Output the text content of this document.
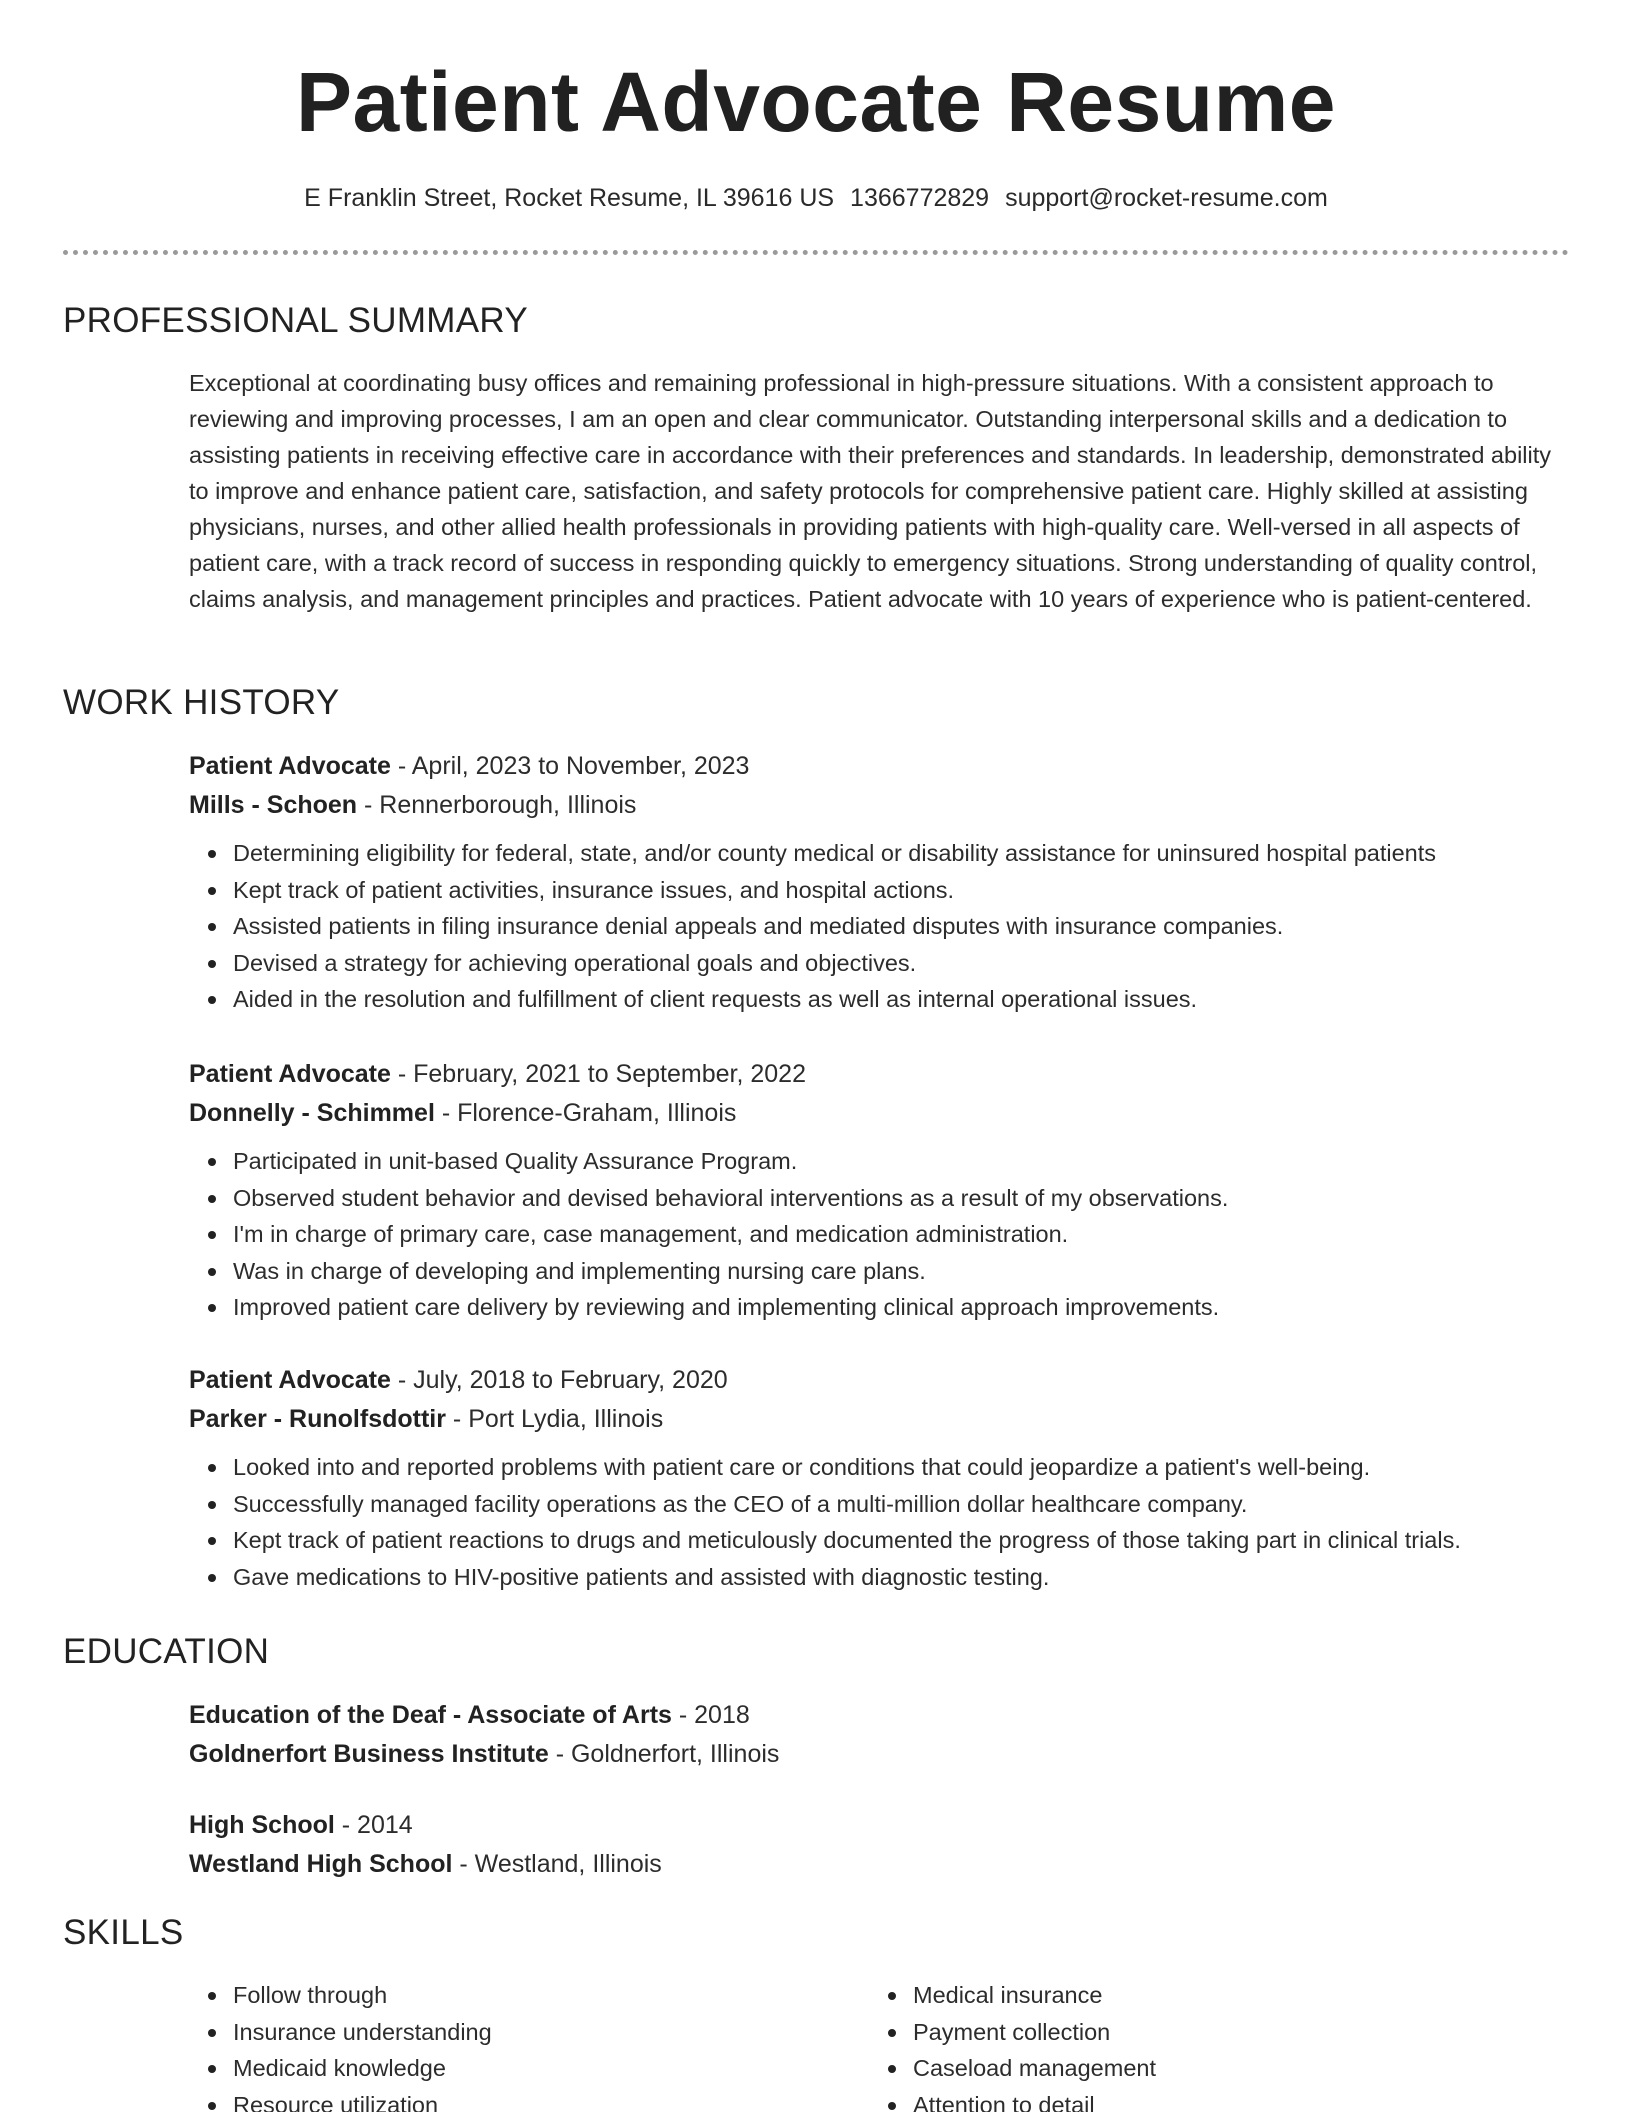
Patient Advocate Resume
E Franklin Street, Rocket Resume, IL 39616 US 1366772829 support@rocket-resume.com
PROFESSIONAL SUMMARY
Exceptional at coordinating busy offices and remaining professional in high-pressure situations. With a consistent approach to reviewing and improving processes, I am an open and clear communicator. Outstanding interpersonal skills and a dedication to assisting patients in receiving effective care in accordance with their preferences and standards. In leadership, demonstrated ability to improve and enhance patient care, satisfaction, and safety protocols for comprehensive patient care. Highly skilled at assisting physicians, nurses, and other allied health professionals in providing patients with high-quality care. Well-versed in all aspects of patient care, with a track record of success in responding quickly to emergency situations. Strong understanding of quality control, claims analysis, and management principles and practices. Patient advocate with 10 years of experience who is patient-centered.
WORK HISTORY
Patient Advocate - April, 2023 to November, 2023
Mills - Schoen - Rennerborough, Illinois
Determining eligibility for federal, state, and/or county medical or disability assistance for uninsured hospital patients
Kept track of patient activities, insurance issues, and hospital actions.
Assisted patients in filing insurance denial appeals and mediated disputes with insurance companies.
Devised a strategy for achieving operational goals and objectives.
Aided in the resolution and fulfillment of client requests as well as internal operational issues.
Patient Advocate - February, 2021 to September, 2022
Donnelly - Schimmel - Florence-Graham, Illinois
Participated in unit-based Quality Assurance Program.
Observed student behavior and devised behavioral interventions as a result of my observations.
I'm in charge of primary care, case management, and medication administration.
Was in charge of developing and implementing nursing care plans.
Improved patient care delivery by reviewing and implementing clinical approach improvements.
Patient Advocate - July, 2018 to February, 2020
Parker - Runolfsdottir - Port Lydia, Illinois
Looked into and reported problems with patient care or conditions that could jeopardize a patient's well-being.
Successfully managed facility operations as the CEO of a multi-million dollar healthcare company.
Kept track of patient reactions to drugs and meticulously documented the progress of those taking part in clinical trials.
Gave medications to HIV-positive patients and assisted with diagnostic testing.
EDUCATION
Education of the Deaf - Associate of Arts - 2018
Goldnerfort Business Institute - Goldnerfort, Illinois
High School - 2014
Westland High School - Westland, Illinois
SKILLS
Follow through
Insurance understanding
Medicaid knowledge
Resource utilization
Medical insurance
Payment collection
Caseload management
Attention to detail
